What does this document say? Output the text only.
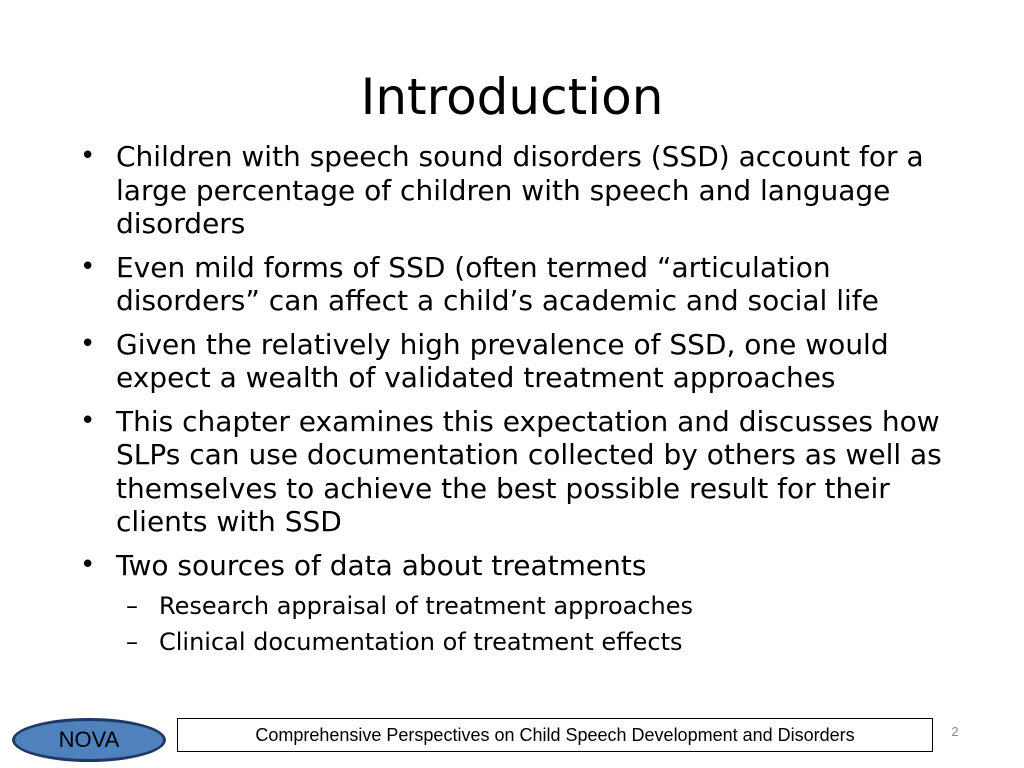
Introduction
• Children with speech sound disorders (SSD) account for a large percentage of children with speech and language disorders
• Even mild forms of SSD (often termed “articulation disorders” can affect a child’s academic and social life
• Given the relatively high prevalence of SSD, one would expect a wealth of validated treatment approaches
• This chapter examines this expectation and discusses how SLPs can use documentation collected by others as well as themselves to achieve the best possible result for their clients with SSD
• Two sources of data about treatments
– Research appraisal of treatment approaches
– Clinical documentation of treatment effects
NOVA	Comprehensive Perspectives on Child Speech Development and Disorders	2
